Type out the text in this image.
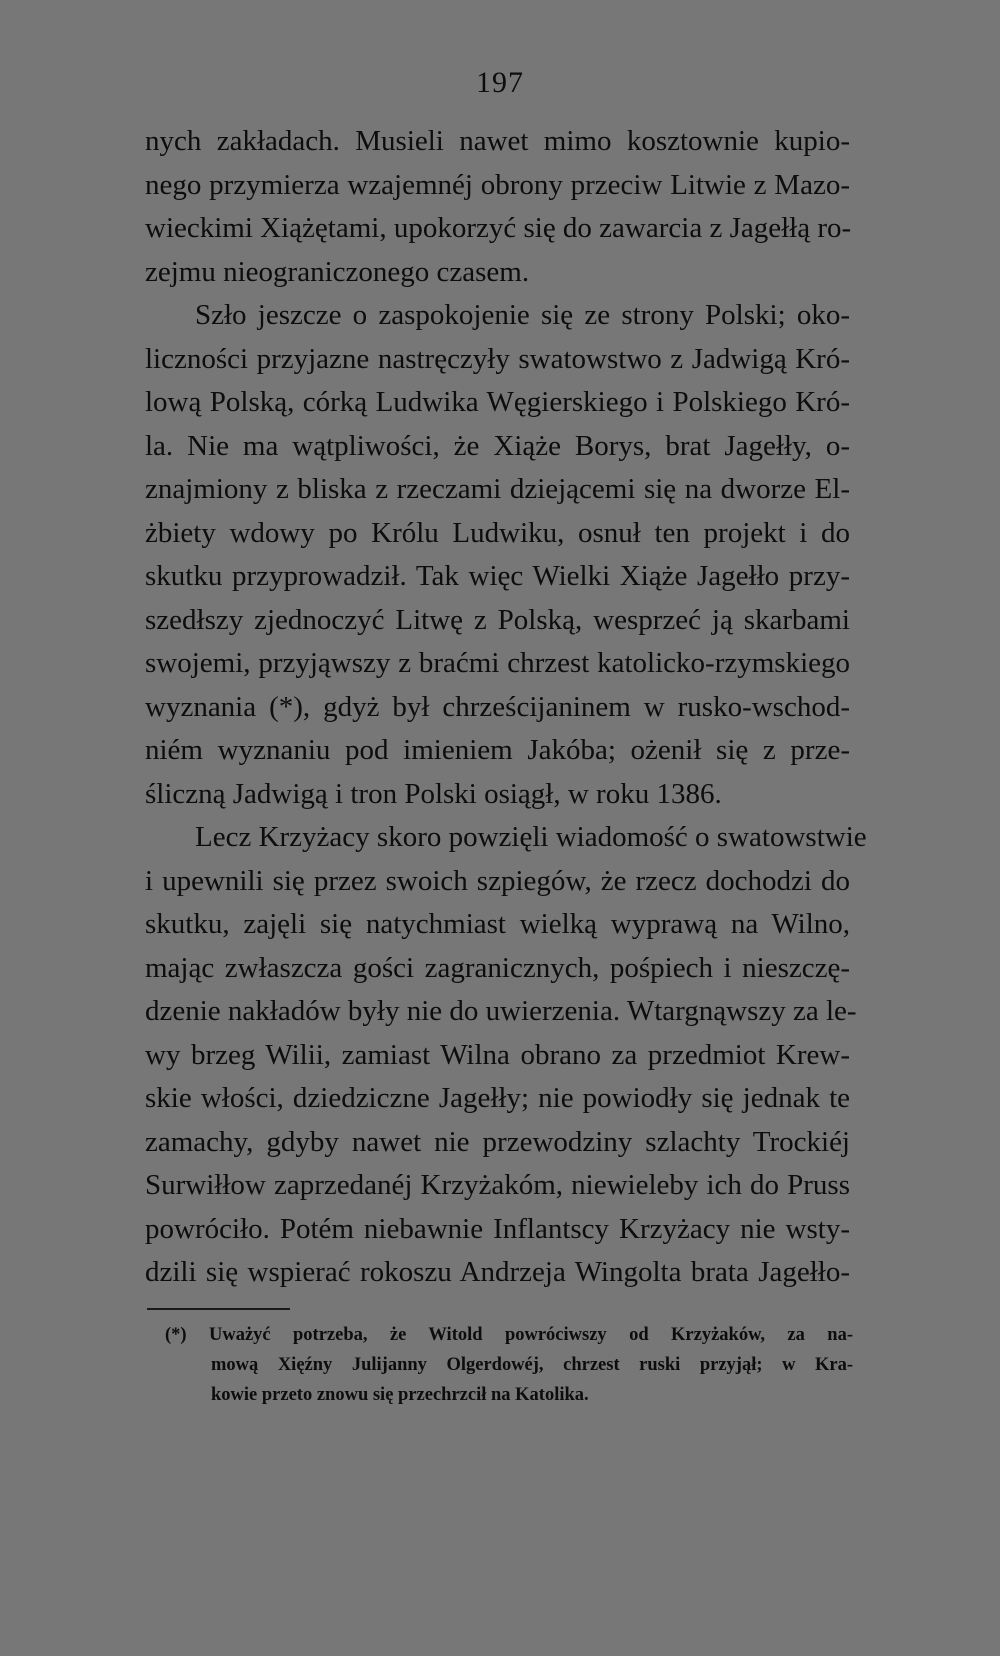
197
nych zakładach. Musieli nawet mimo kosztownie kupio-
nego przymierza wzajemnéj obrony przeciw Litwie z Mazo-
wieckimi Xiążętami, upokorzyć się do zawarcia z Jagełłą ro-
zejmu nieograniczonego czasem.
Szło jeszcze o zaspokojenie się ze strony Polski; oko-
liczności przyjazne nastręczyły swatowstwo z Jadwigą Kró-
lową Polską, córką Ludwika Węgierskiego i Polskiego Kró-
la. Nie ma wątpliwości, że Xiąże Borys, brat Jagełły, o-
znajmiony z bliska z rzeczami dziejącemi się na dworze El-
żbiety wdowy po Królu Ludwiku, osnuł ten projekt i do
skutku przyprowadził. Tak więc Wielki Xiąże Jagełło przy-
szedłszy zjednoczyć Litwę z Polską, wesprzeć ją skarbami
swojemi, przyjąwszy z braćmi chrzest katolicko-rzymskiego
wyznania (*), gdyż był chrześcijaninem w rusko-wschod-
niém wyznaniu pod imieniem Jakóba; ożenił się z prze-
śliczną Jadwigą i tron Polski osiągł, w roku 1386.
Lecz Krzyżacy skoro powzięli wiadomość o swatowstwie
i upewnili się przez swoich szpiegów, że rzecz dochodzi do
skutku, zajęli się natychmiast wielką wyprawą na Wilno,
mając zwłaszcza gości zagranicznych, pośpiech i nieszczę-
dzenie nakładów były nie do uwierzenia. Wtargnąwszy za le-
wy brzeg Wilii, zamiast Wilna obrano za przedmiot Krew-
skie włości, dziedziczne Jagełły; nie powiodły się jednak te
zamachy, gdyby nawet nie przewodziny szlachty Trockiéj
Surwiłłow zaprzedanéj Krzyżakóm, niewieleby ich do Pruss
powróciło. Potém niebawnie Inflantscy Krzyżacy nie wsty-
dzili się wspierać rokoszu Andrzeja Wingolta brata Jagełło-
(*) Uważyć potrzeba, że Witold powróciwszy od Krzyżaków, za na-
mową Xięźny Julijanny Olgerdowéj, chrzest ruski przyjął; w Kra-
kowie przeto znowu się przechrzcił na Katolika.
